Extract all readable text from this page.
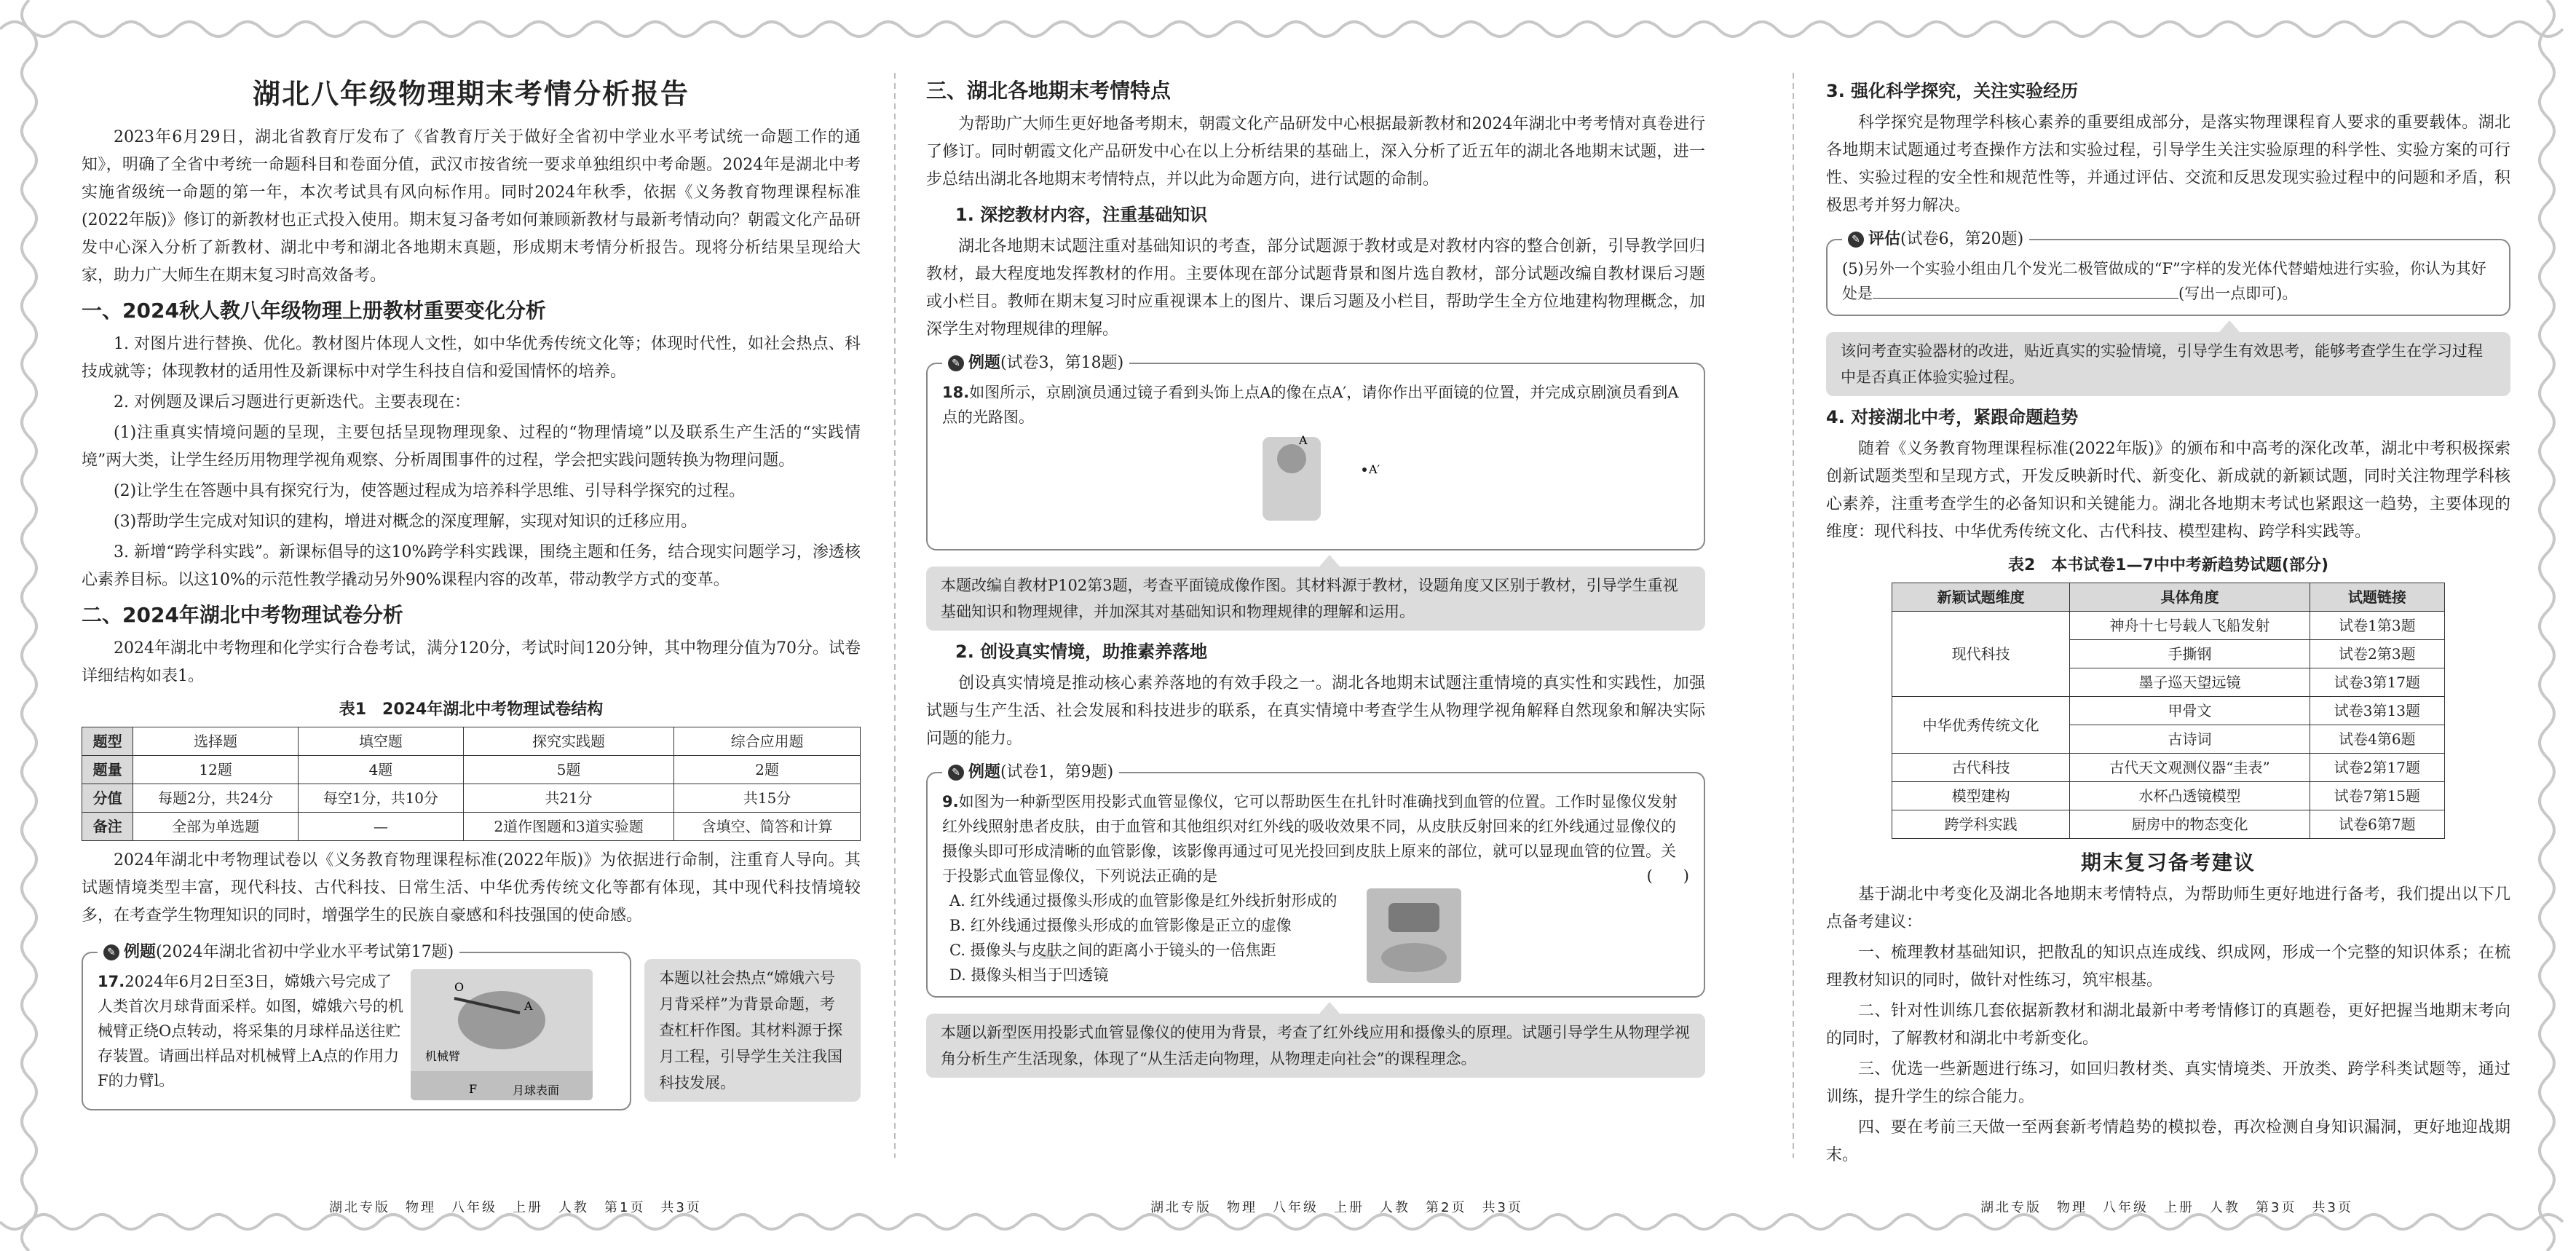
湖北八年级物理期末考情分析报告

2023年6月29日，湖北省教育厅发布了《省教育厅关于做好全省初中学业水平考试统一命题工作的通知》，明确了全省中考统一命题科目和卷面分值，武汉市按省统一要求单独组织中考命题。2024年是湖北中考实施省级统一命题的第一年，本次考试具有风向标作用。同时2024年秋季，依据《义务教育物理课程标准(2022年版)》修订的新教材也正式投入使用。期末复习备考如何兼顾新教材与最新考情动向？朝霞文化产品研发中心深入分析了新教材、湖北中考和湖北各地期末真题，形成期末考情分析报告。现将分析结果呈现给大家，助力广大师生在期末复习时高效备考。

一、2024秋人教八年级物理上册教材重要变化分析

1. 对图片进行替换、优化。教材图片体现人文性，如中华优秀传统文化等；体现时代性，如社会热点、科技成就等；体现教材的适用性及新课标中对学生科技自信和爱国情怀的培养。

2. 对例题及课后习题进行更新迭代。主要表现在：

(1)注重真实情境问题的呈现，主要包括呈现物理现象、过程的“物理情境”以及联系生产生活的“实践情境”两大类，让学生经历用物理学视角观察、分析周围事件的过程，学会把实践问题转换为物理问题。

(2)让学生在答题中具有探究行为，使答题过程成为培养科学思维、引导科学探究的过程。

(3)帮助学生完成对知识的建构，增进对概念的深度理解，实现对知识的迁移应用。

3. 新增“跨学科实践”。新课标倡导的这10%跨学科实践课，围绕主题和任务，结合现实问题学习，渗透核心素养目标。以这10%的示范性教学撬动另外90%课程内容的改革，带动教学方式的变革。

二、2024年湖北中考物理试卷分析

2024年湖北中考物理和化学实行合卷考试，满分120分，考试时间120分钟，其中物理分值为70分。试卷详细结构如表1。

表1　2024年湖北中考物理试卷结构
题型	选择题	填空题	探究实践题	综合应用题
题量	12题	4题	5题	2题
分值	每题2分，共24分	每空1分，共10分	共21分	共15分
备注	全部为单选题	—	2道作图题和3道实验题	含填空、简答和计算

2024年湖北中考物理试卷以《义务教育物理课程标准(2022年版)》为依据进行命制，注重育人导向。其试题情境类型丰富，现代科技、古代科技、日常生活、中华优秀传统文化等都有体现，其中现代科技情境较多，在考查学生物理知识的同时，增强学生的民族自豪感和科技强国的使命感。

✎ 例题(2024年湖北省初中学业水平考试第17题)
17.2024年6月2日至3日，嫦娥六号完成了人类首次月球背面采样。如图，嫦娥六号的机械臂正绕O点转动，将采集的月球样品送往贮存装置。请画出样品对机械臂上A点的作用力F的力臂l。
O
A
F
机械臂
月球表面
本题以社会热点“嫦娥六号月背采样”为背景命题，考查杠杆作图。其材料源于探月工程，引导学生关注我国科技发展。
湖北专版　物理　八年级　上册　人教　第1页　共3页
三、湖北各地期末考情特点

为帮助广大师生更好地备考期末，朝霞文化产品研发中心根据最新教材和2024年湖北中考考情对真卷进行了修订。同时朝霞文化产品研发中心在以上分析结果的基础上，深入分析了近五年的湖北各地期末试题，进一步总结出湖北各地期末考情特点，并以此为命题方向，进行试题的命制。

1. 深挖教材内容，注重基础知识

湖北各地期末试题注重对基础知识的考查，部分试题源于教材或是对教材内容的整合创新，引导教学回归教材，最大程度地发挥教材的作用。主要体现在部分试题背景和图片选自教材，部分试题改编自教材课后习题或小栏目。教师在期末复习时应重视课本上的图片、课后习题及小栏目，帮助学生全方位地建构物理概念，加深学生对物理规律的理解。

✎ 例题(试卷3，第18题)
18.如图所示，京剧演员通过镜子看到头饰上点A的像在点A′，请你作出平面镜的位置，并完成京剧演员看到A点的光路图。
A
A′
本题改编自教材P102第3题，考查平面镜成像作图。其材料源于教材，设题角度又区别于教材，引导学生重视基础知识和物理规律，并加深其对基础知识和物理规律的理解和运用。
2. 创设真实情境，助推素养落地

创设真实情境是推动核心素养落地的有效手段之一。湖北各地期末试题注重情境的真实性和实践性，加强试题与生产生活、社会发展和科技进步的联系，在真实情境中考查学生从物理学视角解释自然现象和解决实际问题的能力。

✎ 例题(试卷1，第9题)
9.如图为一种新型医用投影式血管显像仪，它可以帮助医生在扎针时准确找到血管的位置。工作时显像仪发射红外线照射患者皮肤，由于血管和其他组织对红外线的吸收效果不同，从皮肤反射回来的红外线通过显像仪的摄像头即可形成清晰的血管影像，该影像再通过可见光投回到皮肤上原来的部位，就可以显现血管的位置。关于投影式血管显像仪，下列说法正确的是	(　　)

A. 红外线通过摄像头形成的血管影像是红外线折射形成的

B. 红外线通过摄像头形成的血管影像是正立的虚像

C. 摄像头与皮肤之间的距离小于镜头的一倍焦距

D. 摄像头相当于凹透镜

本题以新型医用投影式血管显像仪的使用为背景，考查了红外线应用和摄像头的原理。试题引导学生从物理学视角分析生产生活现象，体现了“从生活走向物理，从物理走向社会”的课程理念。
湖北专版　物理　八年级　上册　人教　第2页　共3页
3. 强化科学探究，关注实验经历

科学探究是物理学科核心素养的重要组成部分，是落实物理课程育人要求的重要载体。湖北各地期末试题通过考查操作方法和实验过程，引导学生关注实验原理的科学性、实验方案的可行性、实验过程的安全性和规范性等，并通过评估、交流和反思发现实验过程中的问题和矛盾，积极思考并努力解决。

✎ 评估(试卷6，第20题)
(5)另外一个实验小组由几个发光二极管做成的“F”字样的发光体代替蜡烛进行实验，你认为其好处是	(写出一点即可)。
该问考查实验器材的改进，贴近真实的实验情境，引导学生有效思考，能够考查学生在学习过程中是否真正体验实验过程。
4. 对接湖北中考，紧跟命题趋势

随着《义务教育物理课程标准(2022年版)》的颁布和中高考的深化改革，湖北中考积极探索创新试题类型和呈现方式，开发反映新时代、新变化、新成就的新颖试题，同时关注物理学科核心素养，注重考查学生的必备知识和关键能力。湖北各地期末考试也紧跟这一趋势，主要体现的维度：现代科技、中华优秀传统文化、古代科技、模型建构、跨学科实践等。

表2　本书试卷1—7中中考新趋势试题(部分)
新颖试题维度	具体角度	试题链接
现代科技	神舟十七号载人飞船发射	试卷1第3题
	手撕钢	试卷2第3题
	墨子巡天望远镜	试卷3第17题
中华优秀传统文化	甲骨文	试卷3第13题
	古诗词	试卷4第6题
古代科技	古代天文观测仪器“圭表”	试卷2第17题
模型建构	水杯凸透镜模型	试卷7第15题
跨学科实践	厨房中的物态变化	试卷6第7题
期末复习备考建议

基于湖北中考变化及湖北各地期末考情特点，为帮助师生更好地进行备考，我们提出以下几点备考建议：

一、梳理教材基础知识，把散乱的知识点连成线、织成网，形成一个完整的知识体系；在梳理教材知识的同时，做针对性练习，筑牢根基。

二、针对性训练几套依据新教材和湖北最新中考考情修订的真题卷，更好把握当地期末考向的同时，了解教材和湖北中考新变化。

三、优选一些新题进行练习，如回归教材类、真实情境类、开放类、跨学科类试题等，通过训练，提升学生的综合能力。

四、要在考前三天做一至两套新考情趋势的模拟卷，再次检测自身知识漏洞，更好地迎战期末。

湖北专版　物理　八年级　上册　人教　第3页　共3页
